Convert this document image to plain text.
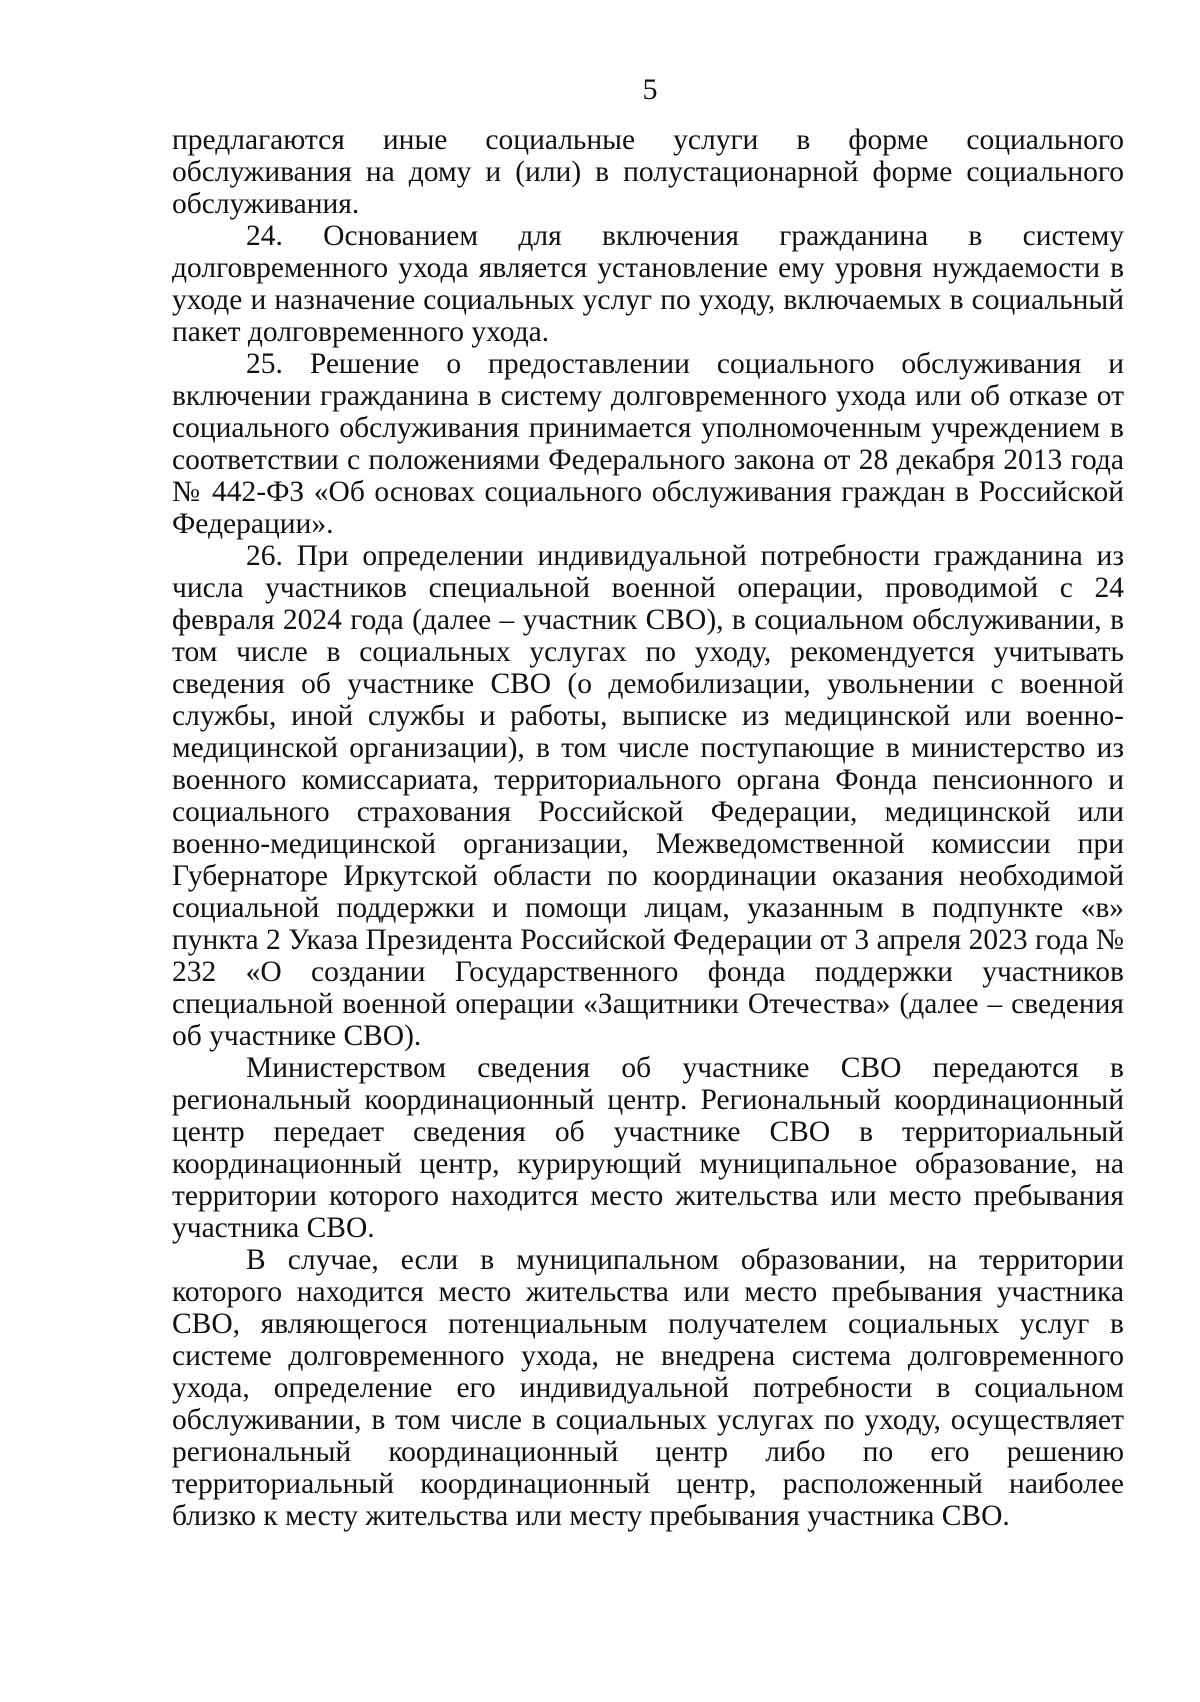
5

предлагаются иные социальные услуги в форме социального обслуживания на дому и (или) в полустационарной форме социального обслуживания.

24. Основанием для включения гражданина в систему долговременного ухода является установление ему уровня нуждаемости в уходе и назначение социальных услуг по уходу, включаемых в социальный пакет долговременного ухода.

25. Решение о предоставлении социального обслуживания и включении гражданина в систему долговременного ухода или об отказе от социального обслуживания принимается уполномоченным учреждением в соответствии с положениями Федерального закона от 28 декабря 2013 года № 442-ФЗ «Об основах социального обслуживания граждан в Российской Федерации».

26. При определении индивидуальной потребности гражданина из числа участников специальной военной операции, проводимой с 24 февраля 2024 года (далее – участник СВО), в социальном обслуживании, в том числе в социальных услугах по уходу, рекомендуется учитывать сведения об участнике СВО (о демобилизации, увольнении с военной службы, иной службы и работы, выписке из медицинской или военно-медицинской организации), в том числе поступающие в министерство из военного комиссариата, территориального органа Фонда пенсионного и социального страхования Российской Федерации, медицинской или военно-медицинской организации, Межведомственной комиссии при Губернаторе Иркутской области по координации оказания необходимой социальной поддержки и помощи лицам, указанным в подпункте «в» пункта 2 Указа Президента Российской Федерации от 3 апреля 2023 года № 232 «О создании Государственного фонда поддержки участников специальной военной операции «Защитники Отечества» (далее – сведения об участнике СВО).

Министерством сведения об участнике СВО передаются в региональный координационный центр. Региональный координационный центр передает сведения об участнике СВО в территориальный координационный центр, курирующий муниципальное образование, на территории которого находится место жительства или место пребывания участника СВО.

В случае, если в муниципальном образовании, на территории которого находится место жительства или место пребывания участника СВО, являющегося потенциальным получателем социальных услуг в системе долговременного ухода, не внедрена система долговременного ухода, определение его индивидуальной потребности в социальном обслуживании, в том числе в социальных услугах по уходу, осуществляет региональный координационный центр либо по его решению территориальный координационный центр, расположенный наиболее близко к месту жительства или месту пребывания участника СВО.
